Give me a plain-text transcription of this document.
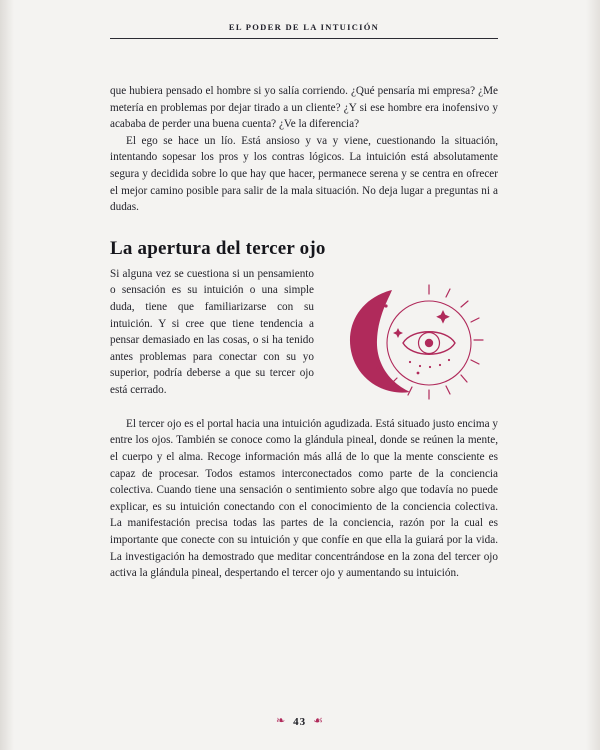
EL PODER DE LA INTUICIÓN

que hubiera pensado el hombre si yo salía corriendo. ¿Qué pensaría mi empresa? ¿Me metería en problemas por dejar tirado a un cliente? ¿Y si ese hombre era inofensivo y acababa de perder una buena cuenta? ¿Ve la diferencia?

El ego se hace un lío. Está ansioso y va y viene, cuestionando la situación, intentando sopesar los pros y los contras lógicos. La intuición está absolutamente segura y decidida sobre lo que hay que hacer, permanece serena y se centra en ofrecer el mejor camino posible para salir de la mala situación. No deja lugar a preguntas ni a dudas.

La apertura del tercer ojo

Si alguna vez se cuestiona si un pensamiento o sensación es su intuición o una simple duda, tiene que familiarizarse con su intuición. Y si cree que tiene tendencia a pensar demasiado en las cosas, o si ha tenido antes problemas para conectar con su yo superior, podría deberse a que su tercer ojo está cerrado.

El tercer ojo es el portal hacia una intuición agudizada. Está situado justo encima y entre los ojos. También se conoce como la glándula pineal, donde se reúnen la mente, el cuerpo y el alma. Recoge información más allá de lo que la mente consciente es capaz de procesar. Todos estamos interconectados como parte de la conciencia colectiva. Cuando tiene una sensación o sentimiento sobre algo que todavía no puede explicar, es su intuición conectando con el conocimiento de la conciencia colectiva. La manifestación precisa todas las partes de la conciencia, razón por la cual es importante que conecte con su intuición y que confíe en que ella la guiará por la vida. La investigación ha demostrado que meditar concentrándose en la zona del tercer ojo activa la glándula pineal, despertando el tercer ojo y aumentando su intuición.

❧ 43 ☙
